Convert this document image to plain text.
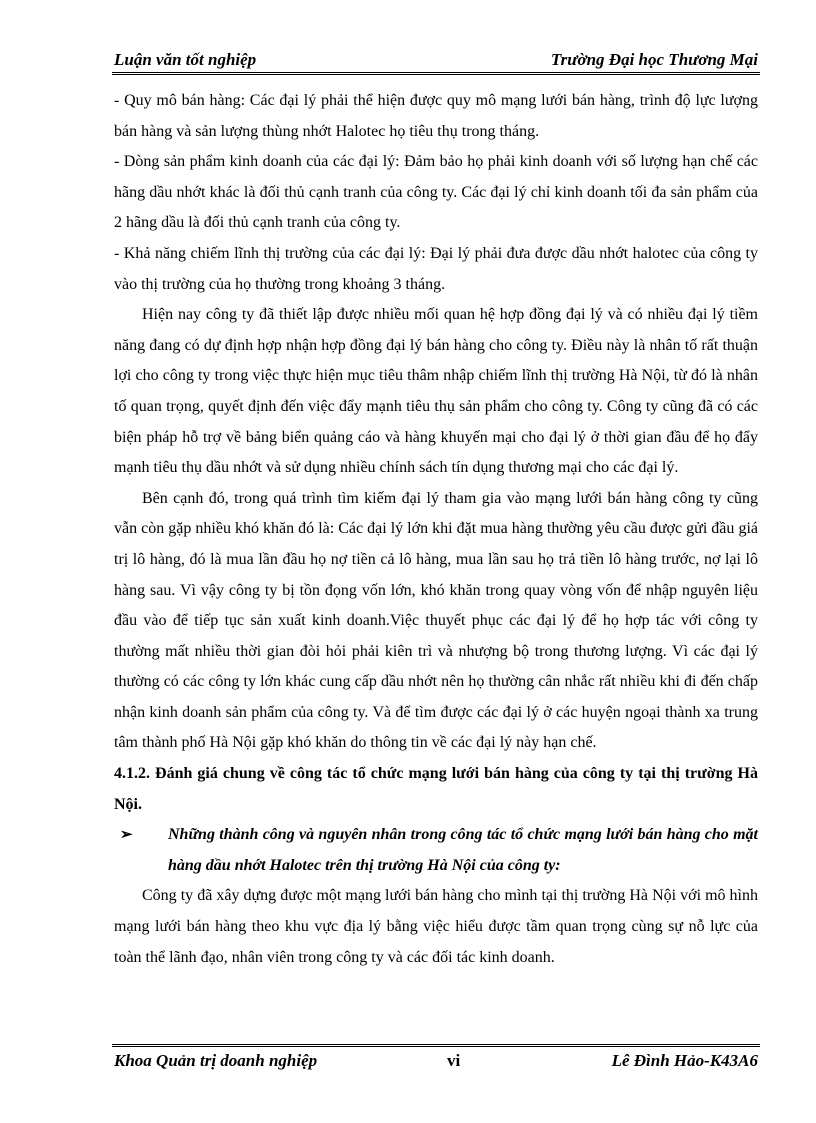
Luận văn tốt nghiệp	Trường Đại học Thương Mại

- Quy mô bán hàng: Các đại lý phải thể hiện được quy mô mạng lưới bán hàng, trình độ lực lượng bán hàng và sản lượng thùng nhớt Halotec họ tiêu thụ trong tháng.

- Dòng sản phẩm kinh doanh của các đại lý: Đảm bảo họ phải kinh doanh với số lượng hạn chế các hãng dầu nhớt khác là đối thủ cạnh tranh của công ty. Các đại lý chỉ kinh doanh tối đa sản phẩm của 2 hãng dầu là đối thủ cạnh tranh của công ty.

- Khả năng chiếm lĩnh thị trường của các đại lý: Đại lý phải đưa được dầu nhớt halotec của công ty vào thị trường của họ thường trong khoảng 3 tháng.

Hiện nay công ty đã thiết lập được nhiều mối quan hệ hợp đồng đại lý và có nhiều đại lý tiềm năng đang có dự định hợp nhận hợp đồng đại lý bán hàng cho công ty. Điều này là nhân tố rất thuận lợi cho công ty trong việc thực hiện mục tiêu thâm nhập chiếm lĩnh thị trường Hà Nội, từ đó là nhân tố quan trọng, quyết định đến việc đẩy mạnh tiêu thụ sản phẩm cho công ty. Công ty cũng đã có các biện pháp hỗ trợ về bảng biển quảng cáo và hàng khuyến mại cho đại lý ở thời gian đầu để họ đẩy mạnh tiêu thụ dầu nhớt và sử dụng nhiều chính sách tín dụng thương mại cho các đại lý.

Bên cạnh đó, trong quá trình tìm kiếm đại lý tham gia vào mạng lưới bán hàng công ty cũng vẫn còn gặp nhiều khó khăn đó là: Các đại lý lớn khi đặt mua hàng thường yêu cầu được gửi đầu giá trị lô hàng, đó là mua lần đầu họ nợ tiền cả lô hàng, mua lần sau họ trả tiền lô hàng trước, nợ lại lô hàng sau. Vì vậy công ty bị tồn đọng vốn lớn, khó khăn trong quay vòng vốn để nhập nguyên liệu đầu vào để tiếp tục sản xuất kinh doanh.Việc thuyết phục các đại lý để họ hợp tác với công ty thường mất nhiều thời gian đòi hỏi phải kiên trì và nhượng bộ trong thương lượng. Vì các đại lý thường có các công ty lớn khác cung cấp dầu nhớt nên họ thường cân nhắc rất nhiều khi đi đến chấp nhận kinh doanh sản phẩm của công ty. Và để tìm được các đại lý ở các huyện ngoại thành xa trung tâm thành phố Hà Nội gặp khó khăn do thông tin về các đại lý này hạn chế.

4.1.2. Đánh giá chung về công tác tổ chức mạng lưới bán hàng của công ty tại thị trường Hà Nội.

➢ Những thành công và nguyên nhân trong công tác tổ chức mạng lưới bán hàng cho mặt hàng dầu nhớt Halotec trên thị trường Hà Nội của công ty:

Công ty đã xây dựng được một mạng lưới bán hàng cho mình tại thị trường Hà Nội với mô hình mạng lưới bán hàng theo khu vực địa lý bằng việc hiểu được tầm quan trọng cùng sự nỗ lực của toàn thể lãnh đạo, nhân viên trong công ty và các đối tác kinh doanh.

Khoa Quản trị doanh nghiệp	vi	Lê Đình Hảo-K43A6
